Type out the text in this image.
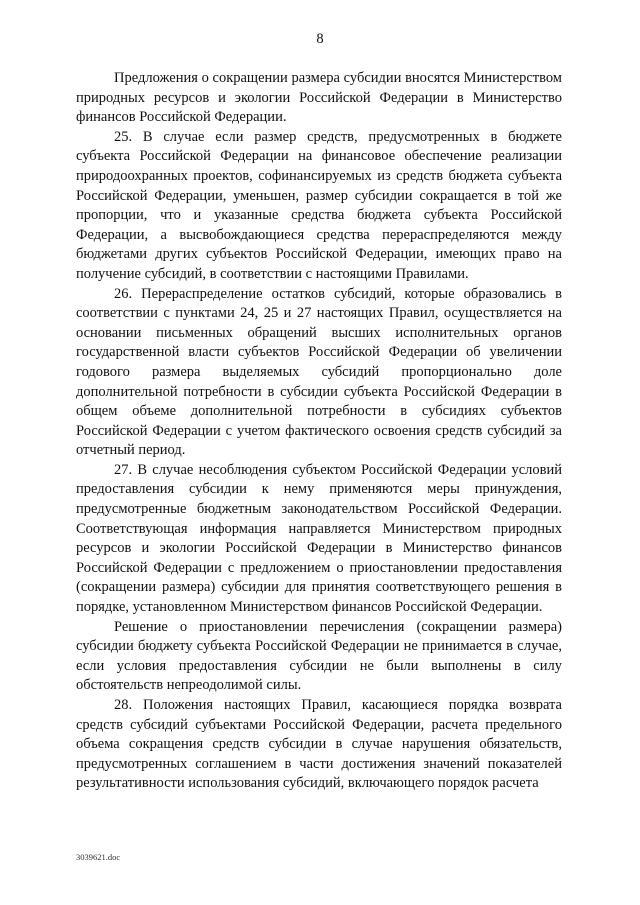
8

Предложения о сокращении размера субсидии вносятся Министерством природных ресурсов и экологии Российской Федерации в Министерство финансов Российской Федерации.

25. В случае если размер средств, предусмотренных в бюджете субъекта Российской Федерации на финансовое обеспечение реализации природоохранных проектов, софинансируемых из средств бюджета субъекта Российской Федерации, уменьшен, размер субсидии сокращается в той же пропорции, что и указанные средства бюджета субъекта Российской Федерации, а высвобождающиеся средства перераспределяются между бюджетами других субъектов Российской Федерации, имеющих право на получение субсидий, в соответствии с настоящими Правилами.

26. Перераспределение остатков субсидий, которые образовались в соответствии с пунктами 24, 25 и 27 настоящих Правил, осуществляется на основании письменных обращений высших исполнительных органов государственной власти субъектов Российской Федерации об увеличении годового размера выделяемых субсидий пропорционально доле дополнительной потребности в субсидии субъекта Российской Федерации в общем объеме дополнительной потребности в субсидиях субъектов Российской Федерации с учетом фактического освоения средств субсидий за отчетный период.

27. В случае несоблюдения субъектом Российской Федерации условий предоставления субсидии к нему применяются меры принуждения, предусмотренные бюджетным законодательством Российской Федерации. Соответствующая информация направляется Министерством природных ресурсов и экологии Российской Федерации в Министерство финансов Российской Федерации с предложением о приостановлении предоставления (сокращении размера) субсидии для принятия соответствующего решения в порядке, установленном Министерством финансов Российской Федерации.

Решение о приостановлении перечисления (сокращении размера) субсидии бюджету субъекта Российской Федерации не принимается в случае, если условия предоставления субсидии не были выполнены в силу обстоятельств непреодолимой силы.

28. Положения настоящих Правил, касающиеся порядка возврата средств субсидий субъектами Российской Федерации, расчета предельного объема сокращения средств субсидии в случае нарушения обязательств, предусмотренных соглашением в части достижения значений показателей результативности использования субсидий, включающего порядок расчета

3039621.doc
